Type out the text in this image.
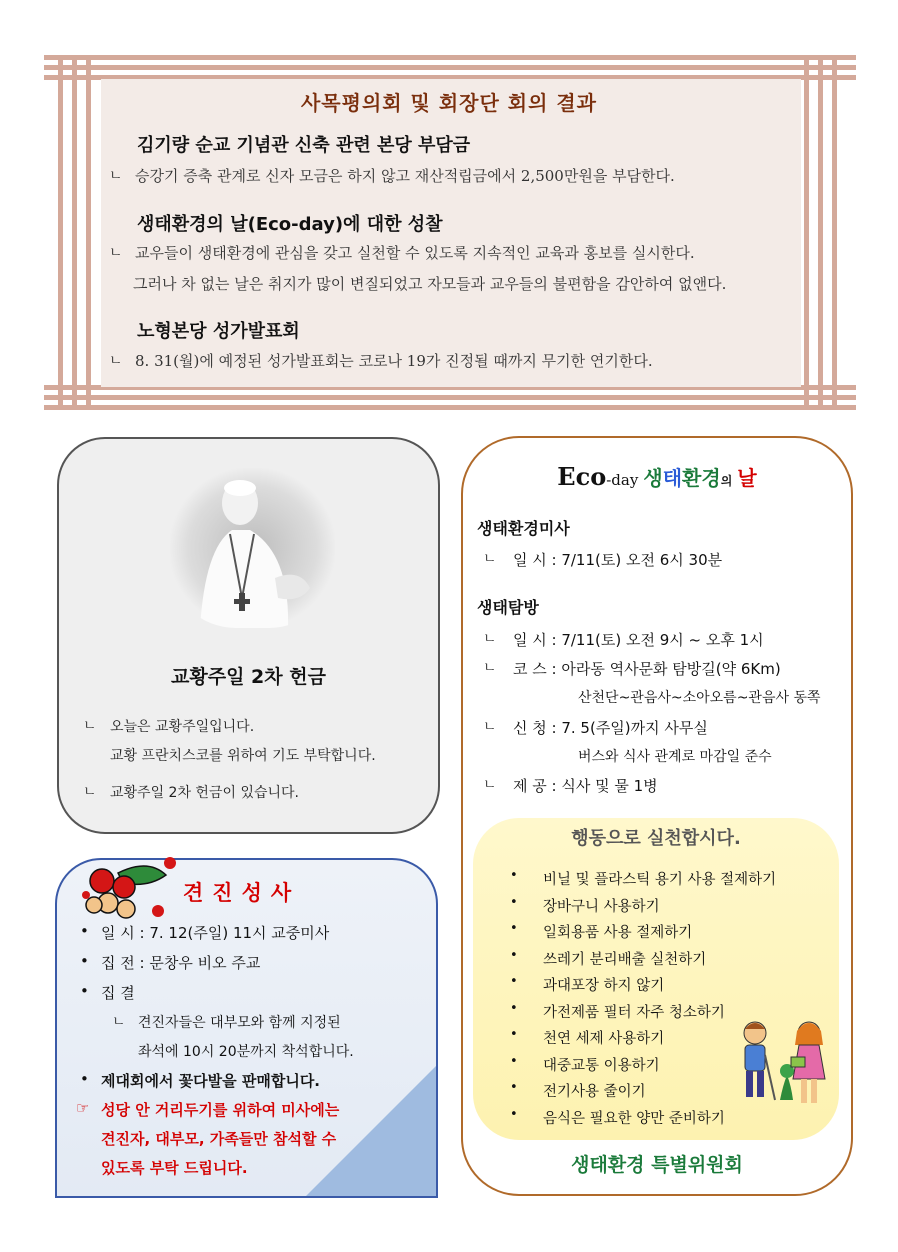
사목평의회 및 회장단 회의 결과
김기량 순교 기념관 신축 관련 본당 부담금
ㄴ 승강기 증축 관계로 신자 모금은 하지 않고 재산적립금에서 2,500만원을 부담한다.
생태환경의 날(Eco-day)에 대한 성찰
ㄴ 교우들이 생태환경에 관심을 갖고 실천할 수 있도록 지속적인 교육과 홍보를 실시한다.
그러나 차 없는 날은 취지가 많이 변질되었고 자모들과 교우들의 불편함을 감안하여 없앤다.
노형본당 성가발표회
ㄴ 8. 31(월)에 예정된 성가발표회는 코로나 19가 진정될 때까지 무기한 연기한다.
교황주일 2차 헌금
ㄴ 오늘은 교황주일입니다.
교황 프란치스코를 위하여 기도 부탁합니다.
ㄴ 교황주일 2차 헌금이 있습니다.
견진성사
• 일 시 : 7. 12(주일) 11시 교중미사
• 집 전 : 문창우 비오 주교
• 집 결
ㄴ 견진자들은 대부모와 함께 지정된
좌석에 10시 20분까지 착석합니다.
• 제대회에서 꽃다발을 판매합니다.
☞ 성당 안 거리두기를 위하여 미사에는
견진자, 대부모, 가족들만 참석할 수
있도록 부탁 드립니다.
Eco-day 생태환경의 날
생태환경미사
ㄴ 일 시 : 7/11(토) 오전 6시 30분
생태탐방
ㄴ 일 시 : 7/11(토) 오전 9시 ~ 오후 1시
ㄴ 코 스 : 아라동 역사문화 탐방길(약 6Km)
산천단~관음사~소아오름~관음사 동쪽
ㄴ 신 청 : 7. 5(주일)까지 사무실
버스와 식사 관계로 마감일 준수
ㄴ 제 공 : 식사 및 물 1병
행동으로 실천합시다.
• 비닐 및 플라스틱 용기 사용 절제하기
• 장바구니 사용하기
• 일회용품 사용 절제하기
• 쓰레기 분리배출 실천하기
• 과대포장 하지 않기
• 가전제품 필터 자주 청소하기
• 천연 세제 사용하기
• 대중교통 이용하기
• 전기사용 줄이기
• 음식은 필요한 양만 준비하기
생태환경 특별위원회
